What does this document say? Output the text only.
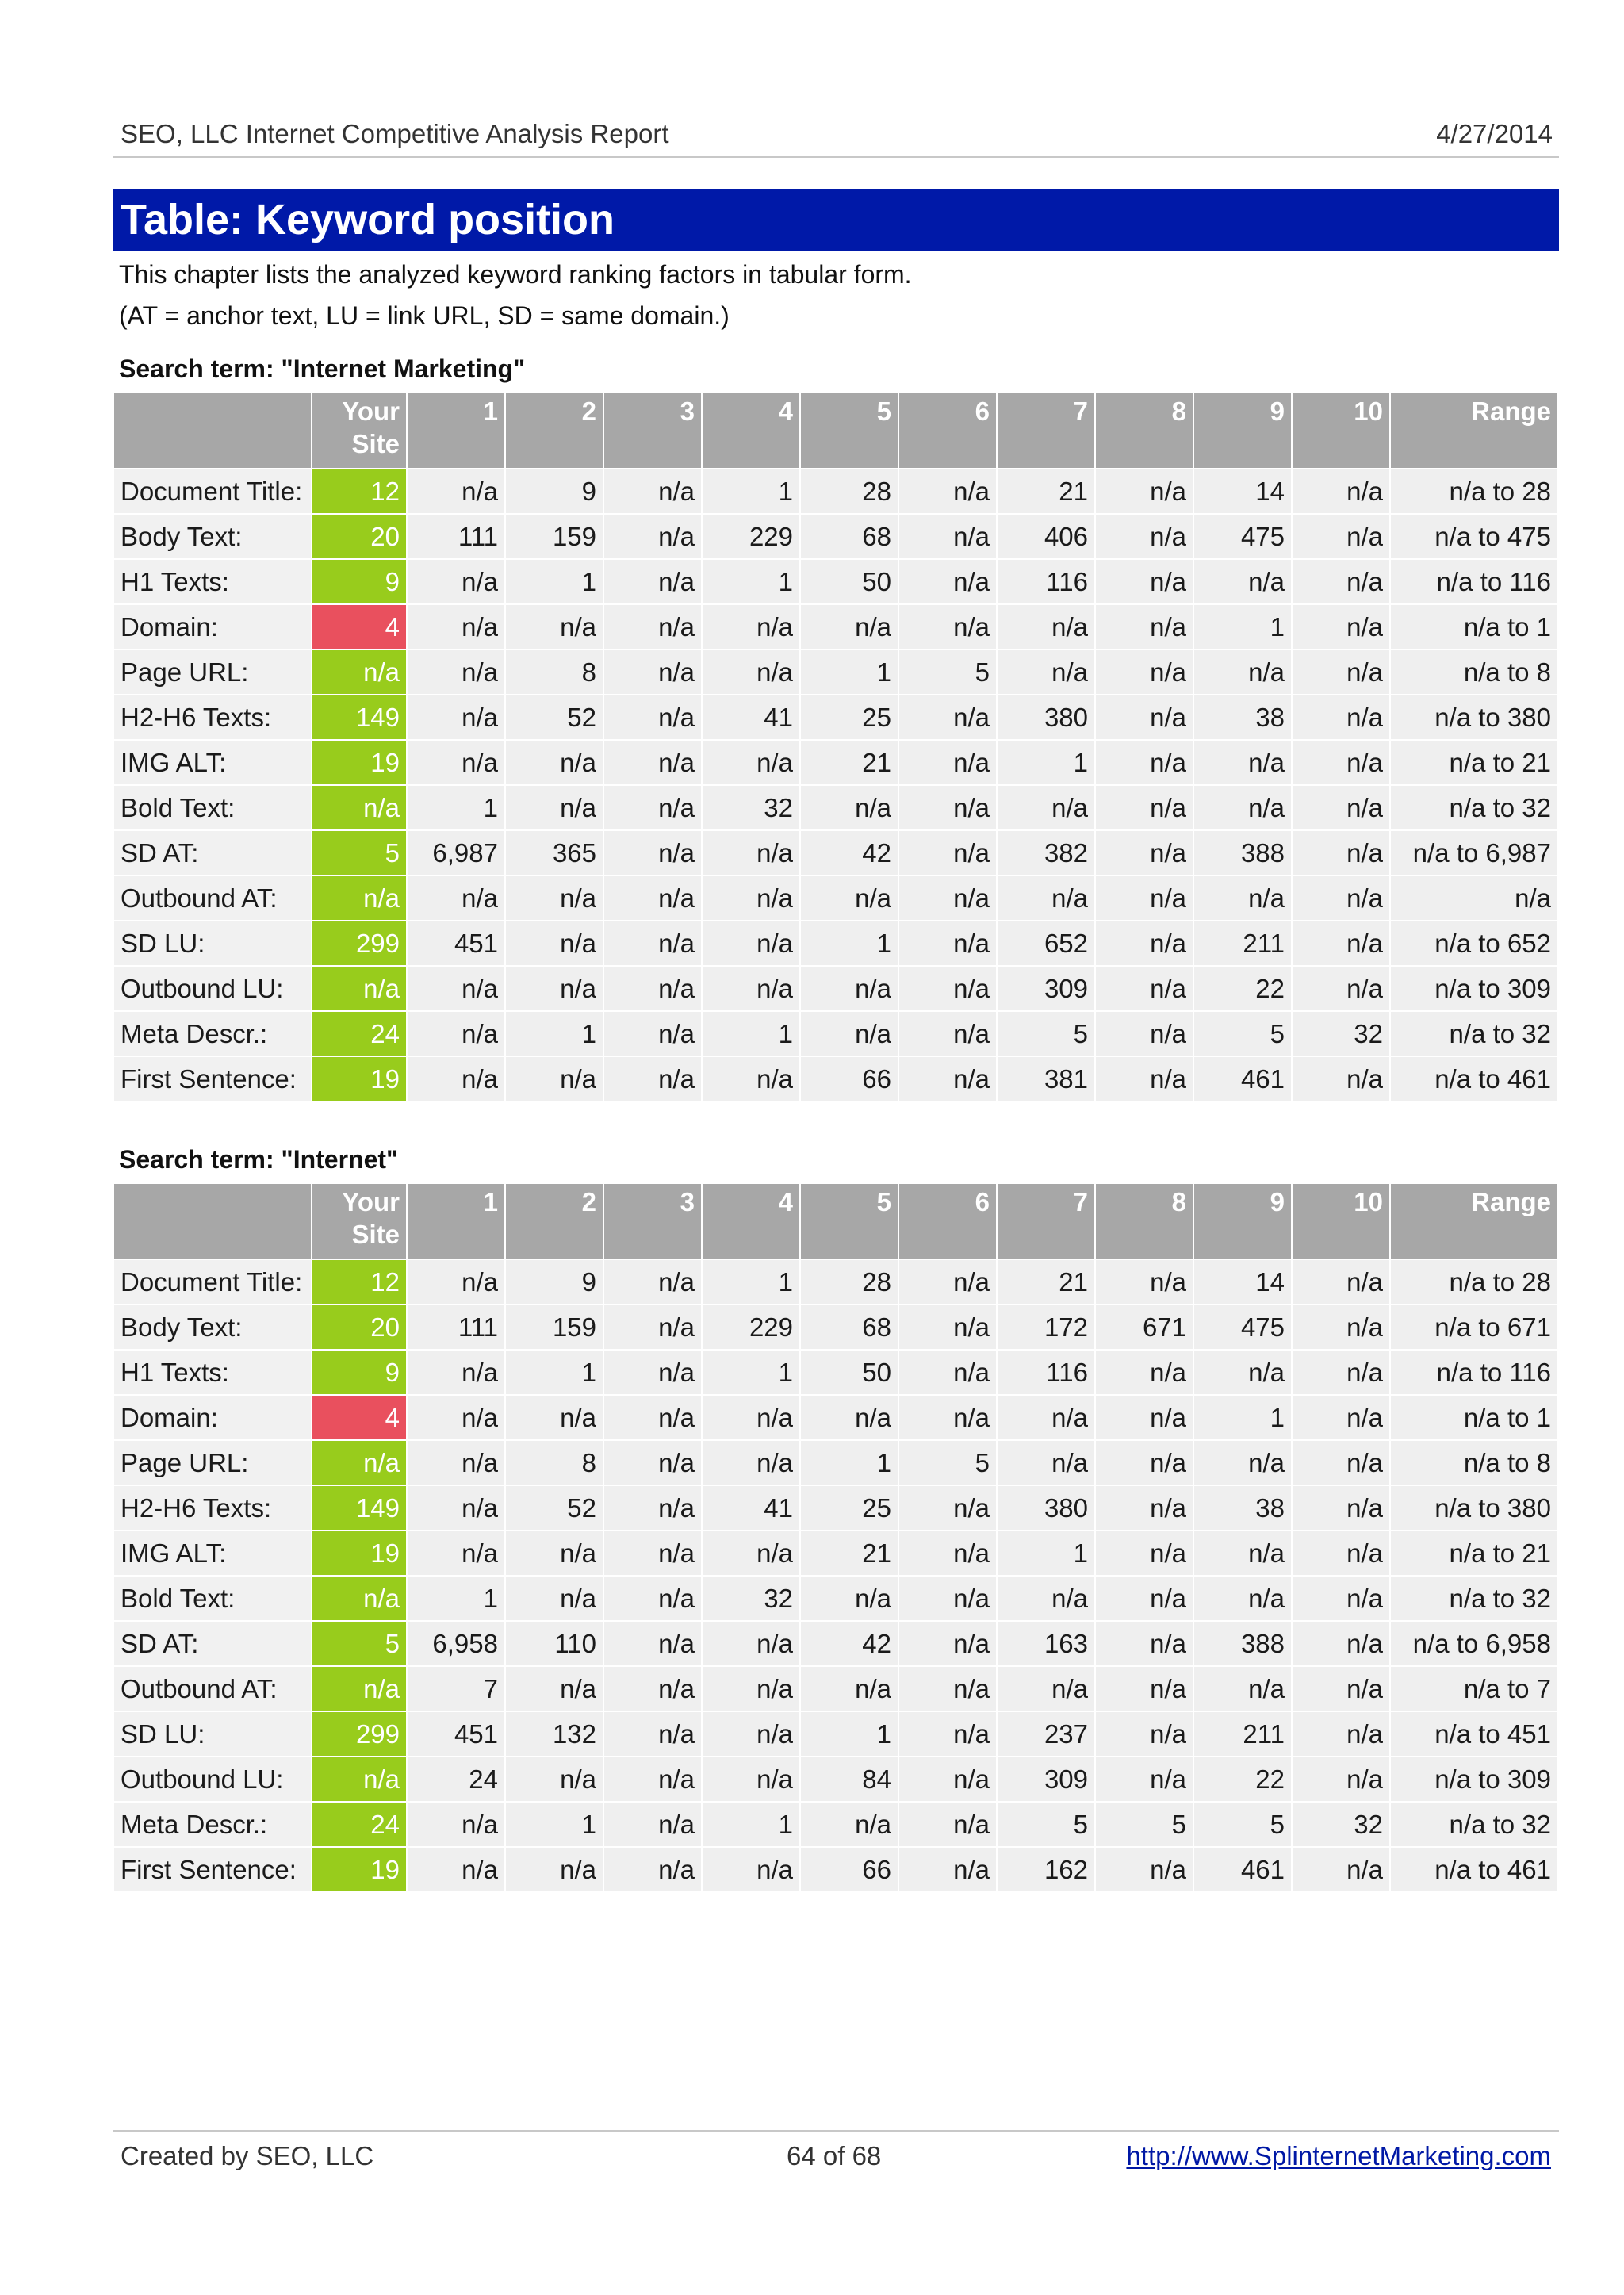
SEO, LLC Internet Competitive Analysis Report	4/27/2014
Table: Keyword position
This chapter lists the analyzed keyword ranking factors in tabular form.
(AT = anchor text, LU = link URL, SD = same domain.)
Search term: "Internet Marketing"
	Your Site	1	2	3	4	5	6	7	8	9	10	Range
Document Title:	12	n/a	9	n/a	1	28	n/a	21	n/a	14	n/a	n/a to 28
Body Text:	20	111	159	n/a	229	68	n/a	406	n/a	475	n/a	n/a to 475
H1 Texts:	9	n/a	1	n/a	1	50	n/a	116	n/a	n/a	n/a	n/a to 116
Domain:	4	n/a	n/a	n/a	n/a	n/a	n/a	n/a	n/a	1	n/a	n/a to 1
Page URL:	n/a	n/a	8	n/a	n/a	1	5	n/a	n/a	n/a	n/a	n/a to 8
H2-H6 Texts:	149	n/a	52	n/a	41	25	n/a	380	n/a	38	n/a	n/a to 380
IMG ALT:	19	n/a	n/a	n/a	n/a	21	n/a	1	n/a	n/a	n/a	n/a to 21
Bold Text:	n/a	1	n/a	n/a	32	n/a	n/a	n/a	n/a	n/a	n/a	n/a to 32
SD AT:	5	6,987	365	n/a	n/a	42	n/a	382	n/a	388	n/a	n/a to 6,987
Outbound AT:	n/a	n/a	n/a	n/a	n/a	n/a	n/a	n/a	n/a	n/a	n/a	n/a
SD LU:	299	451	n/a	n/a	n/a	1	n/a	652	n/a	211	n/a	n/a to 652
Outbound LU:	n/a	n/a	n/a	n/a	n/a	n/a	n/a	309	n/a	22	n/a	n/a to 309
Meta Descr.:	24	n/a	1	n/a	1	n/a	n/a	5	n/a	5	32	n/a to 32
First Sentence:	19	n/a	n/a	n/a	n/a	66	n/a	381	n/a	461	n/a	n/a to 461
Search term: "Internet"
	Your Site	1	2	3	4	5	6	7	8	9	10	Range
Document Title:	12	n/a	9	n/a	1	28	n/a	21	n/a	14	n/a	n/a to 28
Body Text:	20	111	159	n/a	229	68	n/a	172	671	475	n/a	n/a to 671
H1 Texts:	9	n/a	1	n/a	1	50	n/a	116	n/a	n/a	n/a	n/a to 116
Domain:	4	n/a	n/a	n/a	n/a	n/a	n/a	n/a	n/a	1	n/a	n/a to 1
Page URL:	n/a	n/a	8	n/a	n/a	1	5	n/a	n/a	n/a	n/a	n/a to 8
H2-H6 Texts:	149	n/a	52	n/a	41	25	n/a	380	n/a	38	n/a	n/a to 380
IMG ALT:	19	n/a	n/a	n/a	n/a	21	n/a	1	n/a	n/a	n/a	n/a to 21
Bold Text:	n/a	1	n/a	n/a	32	n/a	n/a	n/a	n/a	n/a	n/a	n/a to 32
SD AT:	5	6,958	110	n/a	n/a	42	n/a	163	n/a	388	n/a	n/a to 6,958
Outbound AT:	n/a	7	n/a	n/a	n/a	n/a	n/a	n/a	n/a	n/a	n/a	n/a to 7
SD LU:	299	451	132	n/a	n/a	1	n/a	237	n/a	211	n/a	n/a to 451
Outbound LU:	n/a	24	n/a	n/a	n/a	84	n/a	309	n/a	22	n/a	n/a to 309
Meta Descr.:	24	n/a	1	n/a	1	n/a	n/a	5	5	5	32	n/a to 32
First Sentence:	19	n/a	n/a	n/a	n/a	66	n/a	162	n/a	461	n/a	n/a to 461
Created by SEO, LLC	64 of 68	http://www.SplinternetMarketing.com
